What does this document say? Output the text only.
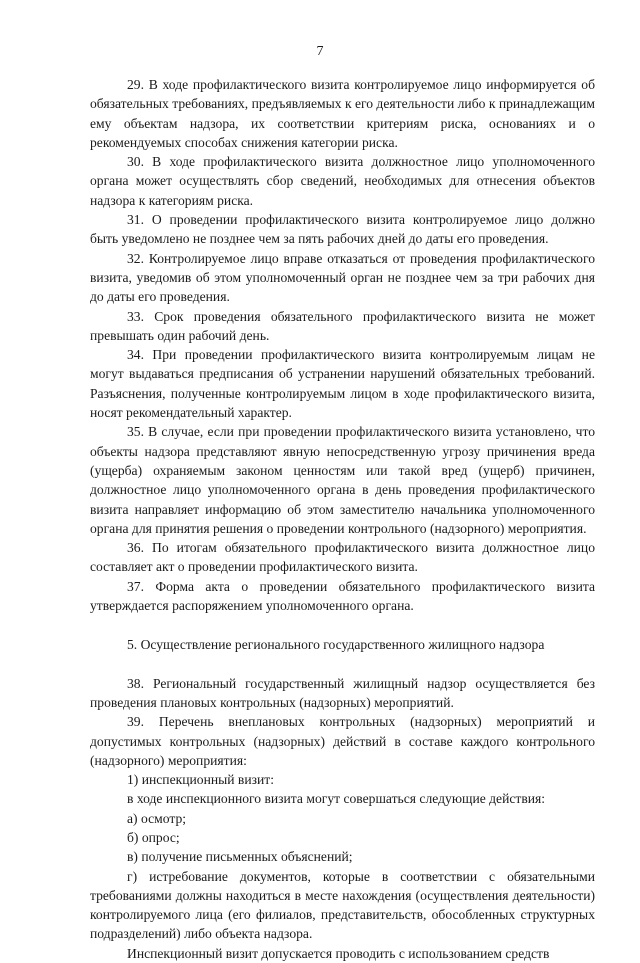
7

29. В ходе профилактического визита контролируемое лицо информируется об обязательных требованиях, предъявляемых к его деятельности либо к принадлежащим ему объектам надзора, их соответствии критериям риска, основаниях и о рекомендуемых способах снижения категории риска.

30. В ходе профилактического визита должностное лицо уполномоченного органа может осуществлять сбор сведений, необходимых для отнесения объектов надзора к категориям риска.

31. О проведении профилактического визита контролируемое лицо должно быть уведомлено не позднее чем за пять рабочих дней до даты его проведения.

32. Контролируемое лицо вправе отказаться от проведения профилактического визита, уведомив об этом уполномоченный орган не позднее чем за три рабочих дня до даты его проведения.

33. Срок проведения обязательного профилактического визита не может превышать один рабочий день.

34. При проведении профилактического визита контролируемым лицам не могут выдаваться предписания об устранении нарушений обязательных требований. Разъяснения, полученные контролируемым лицом в ходе профилактического визита, носят рекомендательный характер.

35. В случае, если при проведении профилактического визита установлено, что объекты надзора представляют явную непосредственную угрозу причинения вреда (ущерба) охраняемым законом ценностям или такой вред (ущерб) причинен, должностное лицо уполномоченного органа в день проведения профилактического визита направляет информацию об этом заместителю начальника уполномоченного органа для принятия решения о проведении контрольного (надзорного) мероприятия.

36. По итогам обязательного профилактического визита должностное лицо составляет акт о проведении профилактического визита.

37. Форма акта о проведении обязательного профилактического визита утверждается распоряжением уполномоченного органа.

5. Осуществление регионального государственного жилищного надзора

38. Региональный государственный жилищный надзор осуществляется без проведения плановых контрольных (надзорных) мероприятий.

39. Перечень внеплановых контрольных (надзорных) мероприятий и допустимых контрольных (надзорных) действий в составе каждого контрольного (надзорного) мероприятия:

1) инспекционный визит:

в ходе инспекционного визита могут совершаться следующие действия:

а) осмотр;

б) опрос;

в) получение письменных объяснений;

г) истребование документов, которые в соответствии с обязательными требованиями должны находиться в месте нахождения (осуществления деятельности) контролируемого лица (его филиалов, представительств, обособленных структурных подразделений) либо объекта надзора.

Инспекционный визит допускается проводить с использованием средств
